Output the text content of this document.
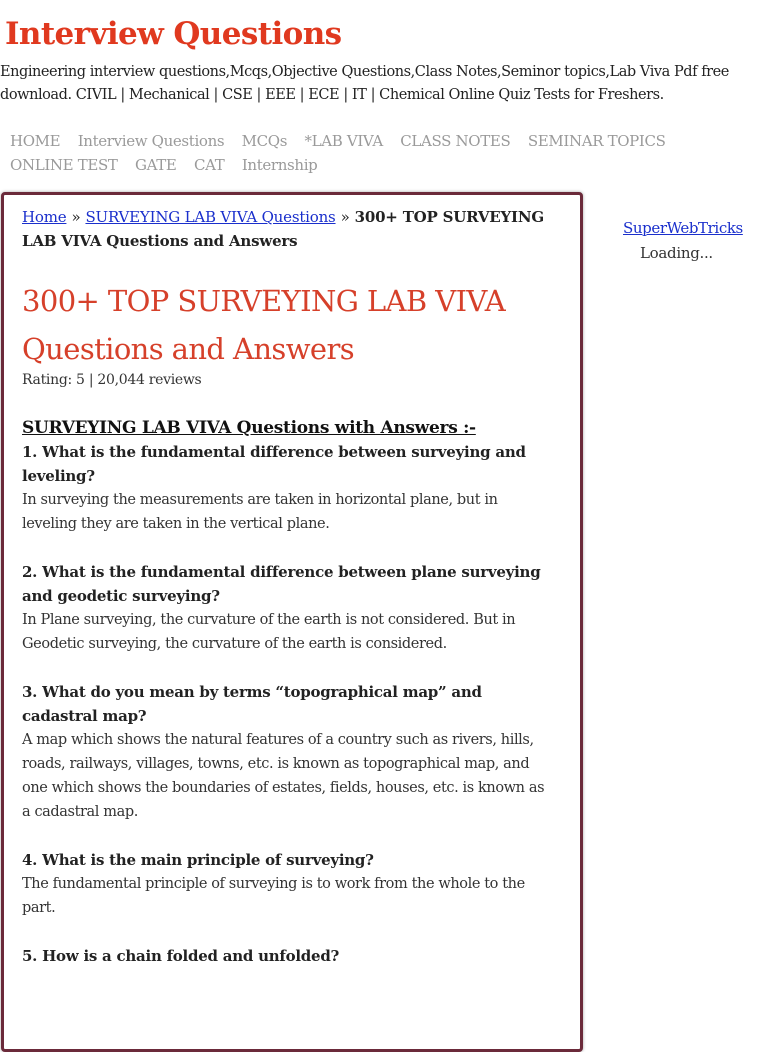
Interview Questions
Engineering interview questions,Mcqs,Objective Questions,Class Notes,Seminor topics,Lab Viva Pdf free download. CIVIL | Mechanical | CSE | EEE | ECE | IT | Chemical Online Quiz Tests for Freshers.
HOME Interview Questions MCQs *LAB VIVA CLASS NOTES SEMINAR TOPICS ONLINE TEST GATE CAT Internship
Home » SURVEYING LAB VIVA Questions » 300+ TOP SURVEYING LAB VIVA Questions and Answers
300+ TOP SURVEYING LAB VIVA Questions and Answers
Rating: 5 | 20,044 reviews
SURVEYING LAB VIVA Questions with Answers :-
1. What is the fundamental difference between surveying and leveling?
In surveying the measurements are taken in horizontal plane, but in leveling they are taken in the vertical plane.
2. What is the fundamental difference between plane surveying and geodetic surveying?
In Plane surveying, the curvature of the earth is not considered. But in Geodetic surveying, the curvature of the earth is considered.
3. What do you mean by terms “topographical map” and cadastral map?
A map which shows the natural features of a country such as rivers, hills, roads, railways, villages, towns, etc. is known as topographical map, and one which shows the boundaries of estates, fields, houses, etc. is known as a cadastral map.
4. What is the main principle of surveying?
The fundamental principle of surveying is to work from the whole to the part.
5. How is a chain folded and unfolded?
SuperWebTricks
Loading...
